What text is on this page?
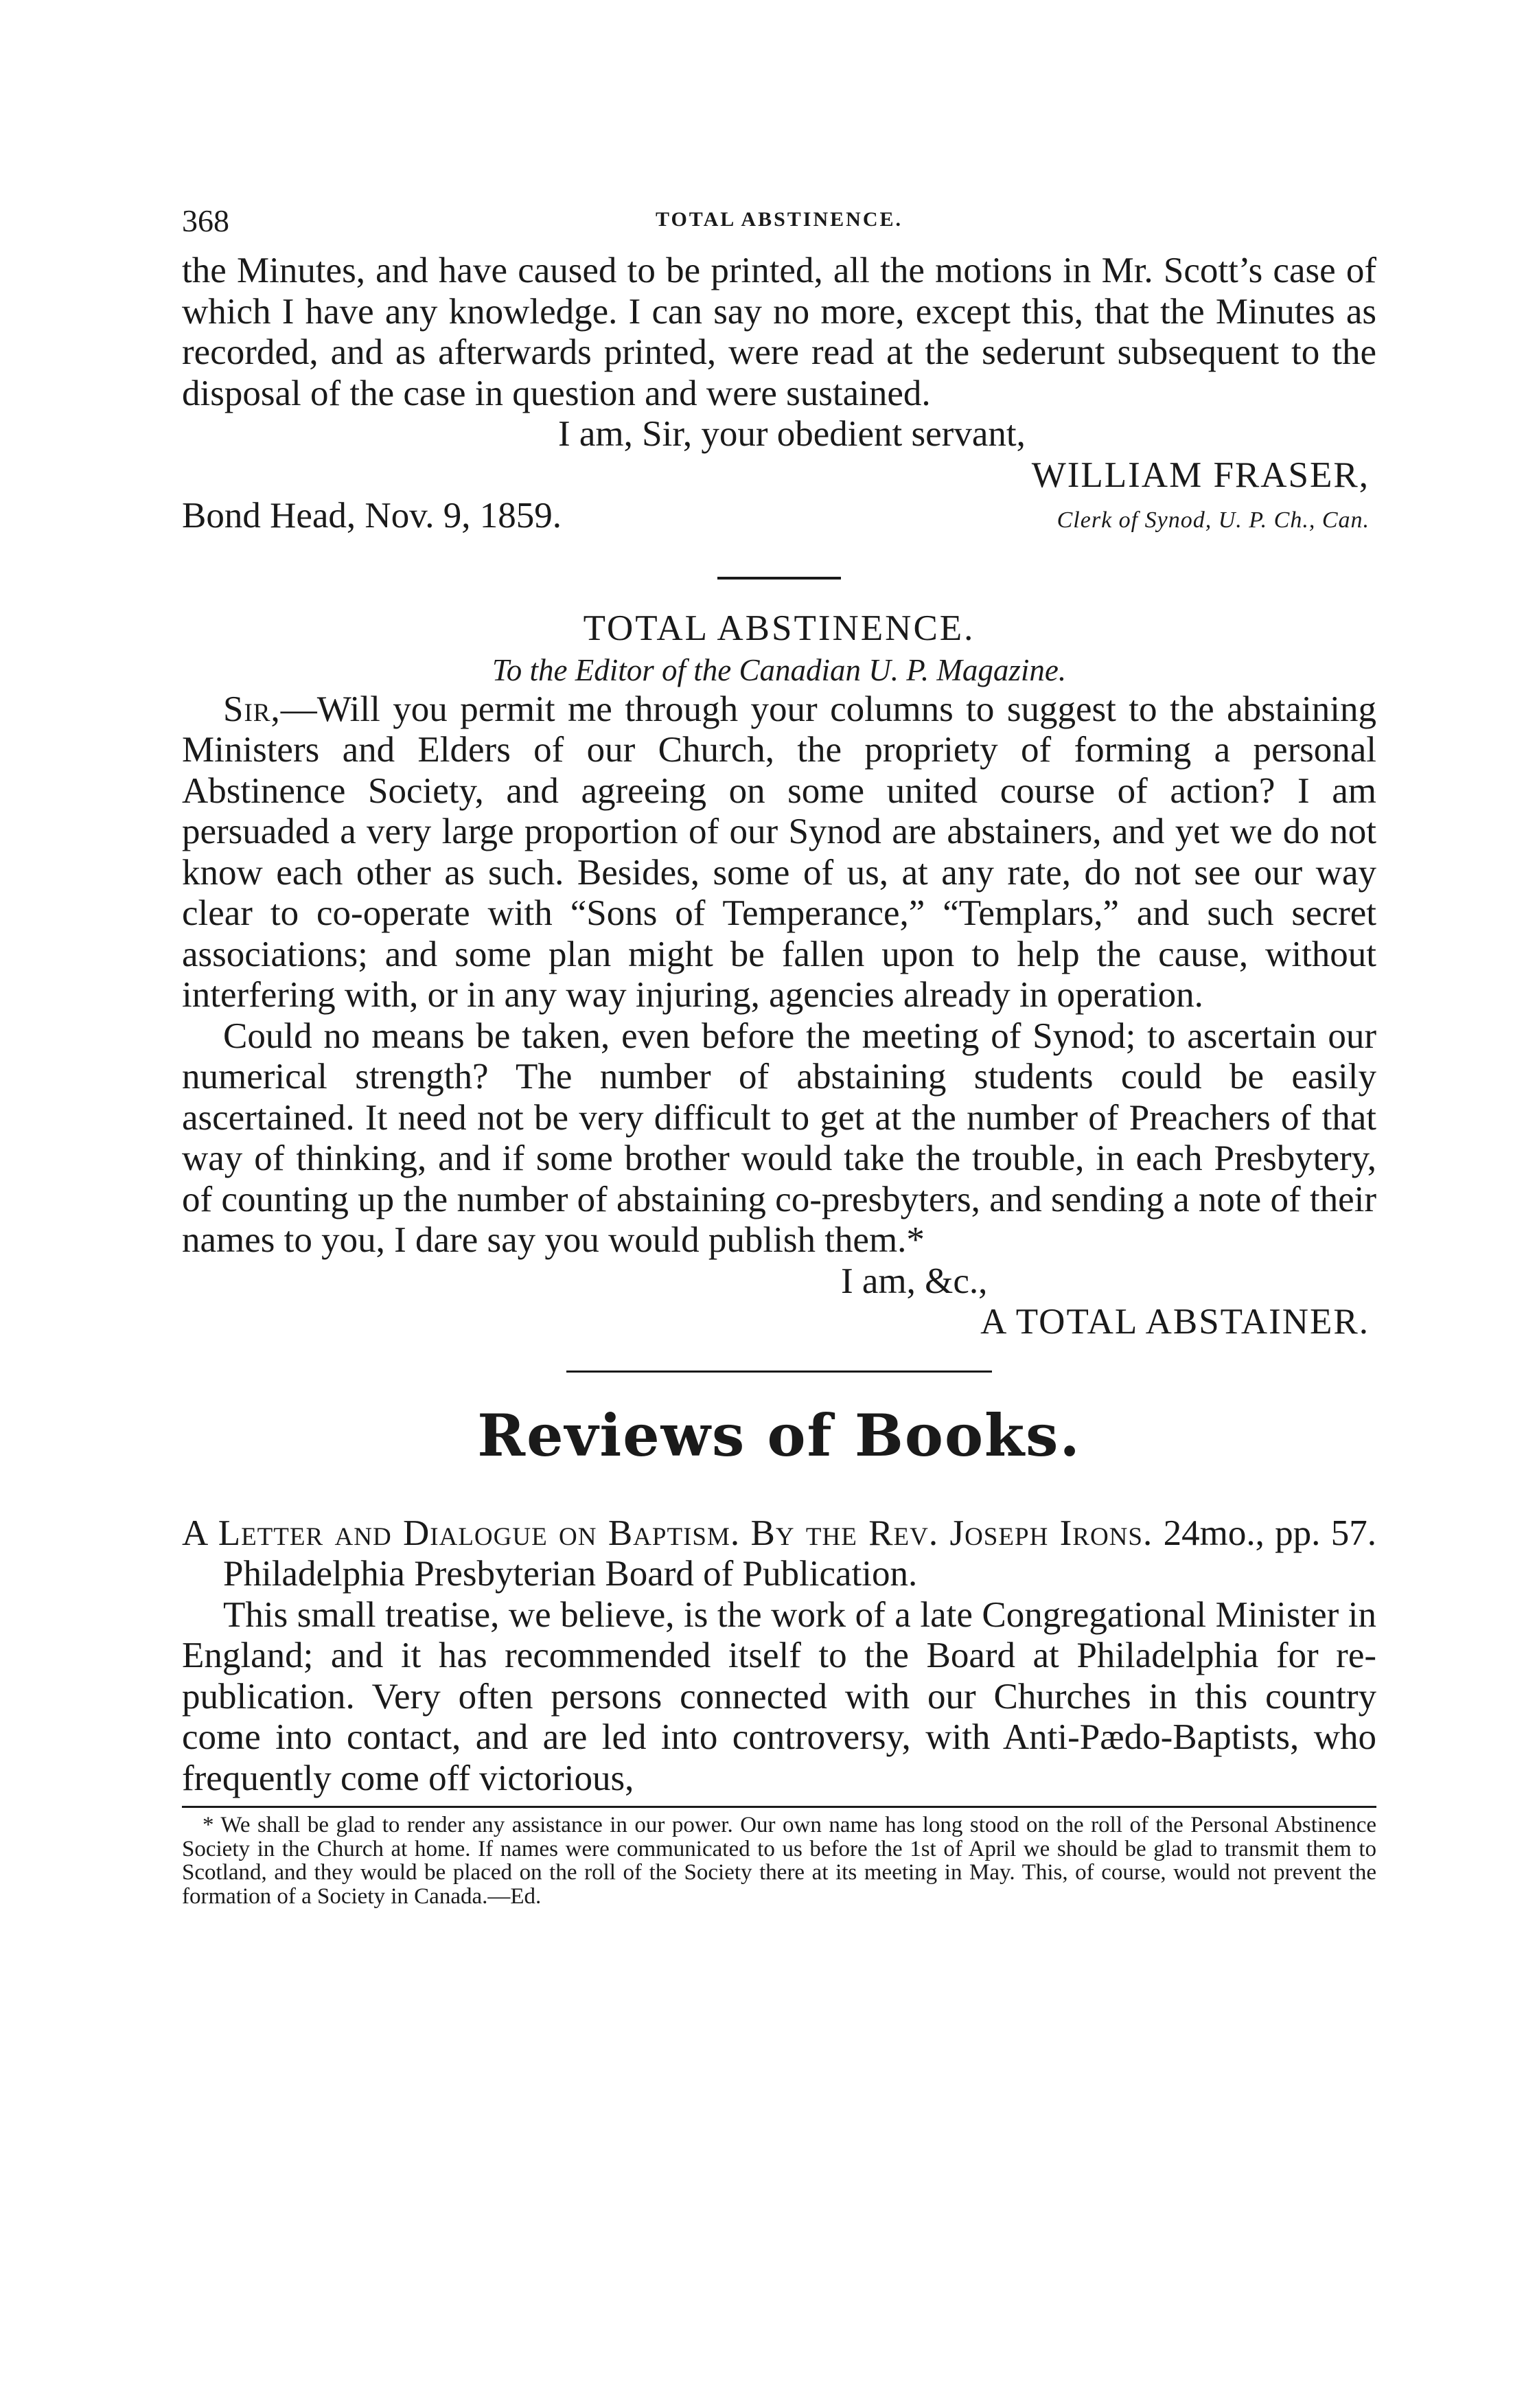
368	TOTAL ABSTINENCE.

the Minutes, and have caused to be printed, all the motions in Mr. Scott’s case of which I have any knowledge. I can say no more, except this, that the Minutes as recorded, and as afterwards printed, were read at the sederunt subsequent to the disposal of the case in question and were sustained.

I am, Sir, your obedient servant,
WILLIAM FRASER,
Bond Head, Nov. 9, 1859.	Clerk of Synod, U. P. Ch., Can.
TOTAL ABSTINENCE.
To the Editor of the Canadian U. P. Magazine.

Sir,—Will you permit me through your columns to suggest to the abstaining Ministers and Elders of our Church, the propriety of forming a personal Abstinence Society, and agreeing on some united course of action? I am persuaded a very large proportion of our Synod are abstainers, and yet we do not know each other as such. Besides, some of us, at any rate, do not see our way clear to co-operate with “Sons of Temperance,” “Templars,” and such secret associations; and some plan might be fallen upon to help the cause, without interfering with, or in any way injuring, agencies already in operation.

Could no means be taken, even before the meeting of Synod; to ascertain our numerical strength? The number of abstaining students could be easily ascertained. It need not be very difficult to get at the number of Preachers of that way of thinking, and if some brother would take the trouble, in each Presbytery, of counting up the number of abstaining co-presbyters, and sending a note of their names to you, I dare say you would publish them.*

I am, &c.,
A TOTAL ABSTAINER.
Reviews of Books.
A Letter and Dialogue on Baptism. By the Rev. Joseph Irons. 24mo., pp. 57. Philadelphia Presbyterian Board of Publication.

This small treatise, we believe, is the work of a late Congregational Minister in England; and it has recommended itself to the Board at Philadelphia for re-publication. Very often persons connected with our Churches in this country come into contact, and are led into controversy, with Anti-Pædo-Baptists, who frequently come off victorious,

* We shall be glad to render any assistance in our power. Our own name has long stood on the roll of the Personal Abstinence Society in the Church at home. If names were communicated to us before the 1st of April we should be glad to transmit them to Scotland, and they would be placed on the roll of the Society there at its meeting in May. This, of course, would not prevent the formation of a Society in Canada.—Ed.
